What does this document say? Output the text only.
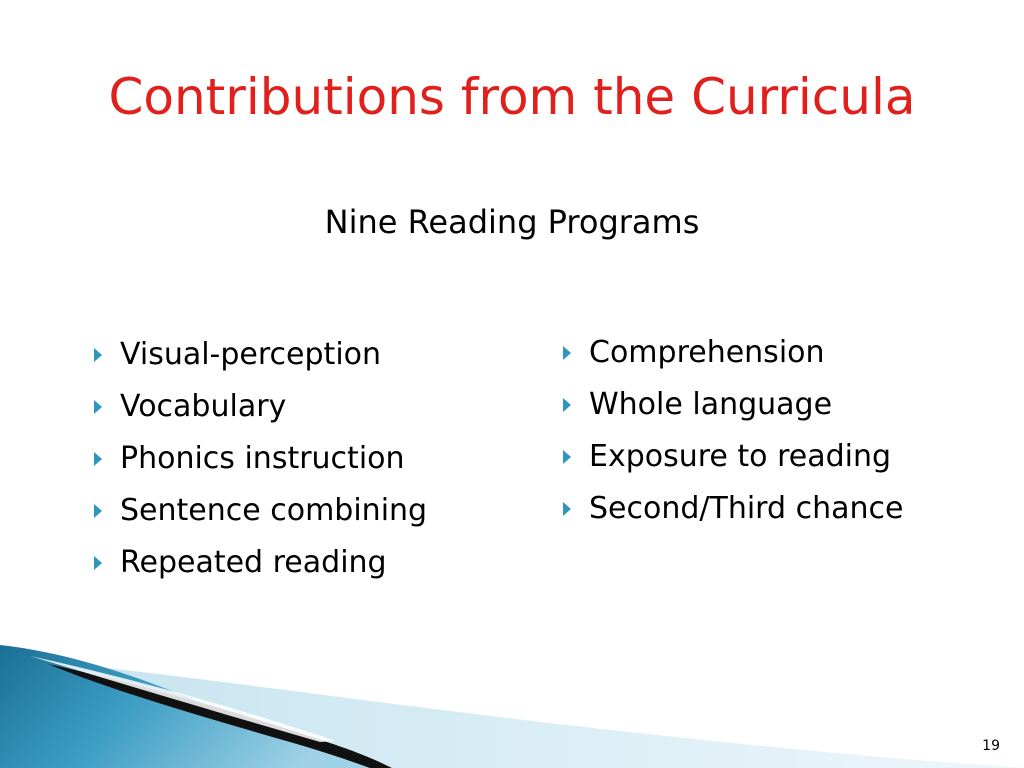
Contributions from the Curricula
Nine Reading Programs
Visual-perception
Vocabulary
Phonics instruction
Sentence combining
Repeated reading
Comprehension
Whole language
Exposure to reading
Second/Third chance
19
